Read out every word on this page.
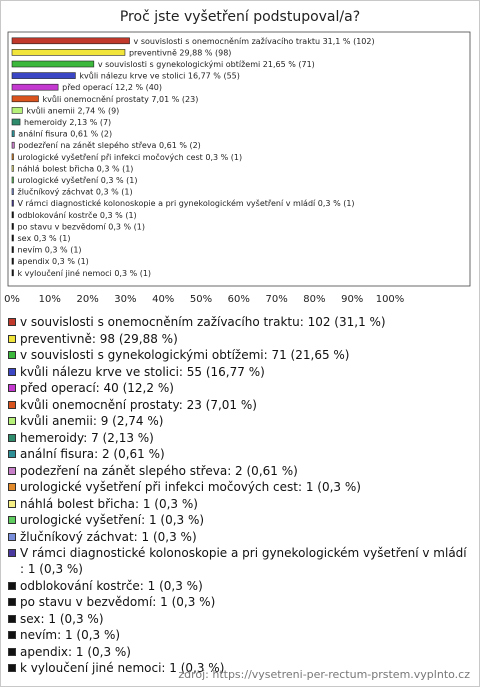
Proč jste vyšetření podstupoval/a?
v souvislosti s onemocněním zažívacího traktu 31,1 % (102)
preventivně 29,88 % (98)
v souvislosti s gynekologickými obtížemi 21,65 % (71)
kvůli nálezu krve ve stolici 16,77 % (55)
před operací 12,2 % (40)
kvůli onemocnění prostaty 7,01 % (23)
kvůli anemii 2,74 % (9)
hemeroidy 2,13 % (7)
anální fisura 0,61 % (2)
podezření na zánět slepého střeva 0,61 % (2)
urologické vyšetření při infekci močových cest 0,3 % (1)
náhlá bolest břicha 0,3 % (1)
urologické vyšetření 0,3 % (1)
žlučníkový záchvat 0,3 % (1)
V rámci diagnostické kolonoskopie a pri gynekologickém vyšetření v mládí 0,3 % (1)
odblokování kostrče 0,3 % (1)
po stavu v bezvědomí 0,3 % (1)
sex 0,3 % (1)
nevím 0,3 % (1)
apendix 0,3 % (1)
k vyloučení jiné nemoci 0,3 % (1)
0% 10% 20% 30% 40% 50% 60% 70% 80% 90% 100%
v souvislosti s onemocněním zažívacího traktu: 102 (31,1 %)
preventivně: 98 (29,88 %)
v souvislosti s gynekologickými obtížemi: 71 (21,65 %)
kvůli nálezu krve ve stolici: 55 (16,77 %)
před operací: 40 (12,2 %)
kvůli onemocnění prostaty: 23 (7,01 %)
kvůli anemii: 9 (2,74 %)
hemeroidy: 7 (2,13 %)
anální fisura: 2 (0,61 %)
podezření na zánět slepého střeva: 2 (0,61 %)
urologické vyšetření při infekci močových cest: 1 (0,3 %)
náhlá bolest břicha: 1 (0,3 %)
urologické vyšetření: 1 (0,3 %)
žlučníkový záchvat: 1 (0,3 %)
V rámci diagnostické kolonoskopie a pri gynekologickém vyšetření v mládí : 1 (0,3 %)
odblokování kostrče: 1 (0,3 %)
po stavu v bezvědomí: 1 (0,3 %)
sex: 1 (0,3 %)
nevím: 1 (0,3 %)
apendix: 1 (0,3 %)
k vyloučení jiné nemoci: 1 (0,3 %)
zdroj: https://vysetreni-per-rectum-prstem.vyplnto.cz
